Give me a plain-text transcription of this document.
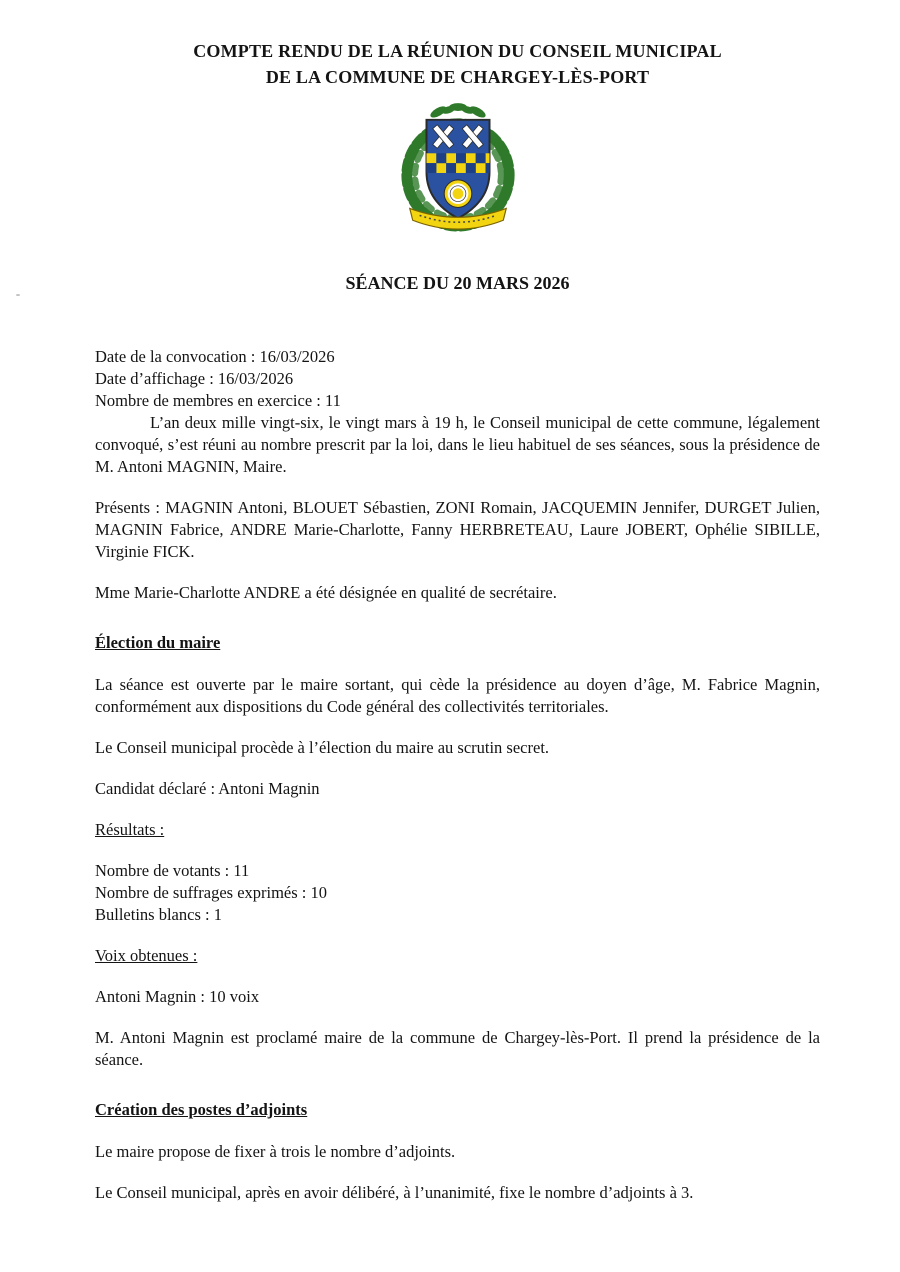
COMPTE RENDU DE LA RÉUNION DU CONSEIL MUNICIPAL
DE LA COMMUNE DE CHARGEY-LÈS-PORT
SÉANCE DU 20 MARS 2026
Date de la convocation : 16/03/2026
Date d’affichage : 16/03/2026
Nombre de membres en exercice : 11

L’an deux mille vingt-six, le vingt mars à 19 h, le Conseil municipal de cette commune, légalement convoqué, s’est réuni au nombre prescrit par la loi, dans le lieu habituel de ses séances, sous la présidence de M. Antoni MAGNIN, Maire.

Présents : MAGNIN Antoni, BLOUET Sébastien, ZONI Romain, JACQUEMIN Jennifer, DURGET Julien, MAGNIN Fabrice, ANDRE Marie-Charlotte, Fanny HERBRETEAU, Laure JOBERT, Ophélie SIBILLE, Virginie FICK.

Mme Marie-Charlotte ANDRE a été désignée en qualité de secrétaire.

Élection du maire

La séance est ouverte par le maire sortant, qui cède la présidence au doyen d’âge, M. Fabrice Magnin, conformément aux dispositions du Code général des collectivités territoriales.

Le Conseil municipal procède à l’élection du maire au scrutin secret.

Candidat déclaré : Antoni Magnin

Résultats :

Nombre de votants : 11
Nombre de suffrages exprimés : 10
Bulletins blancs : 1

Voix obtenues :

Antoni Magnin : 10 voix

M. Antoni Magnin est proclamé maire de la commune de Chargey-lès-Port. Il prend la présidence de la séance.

Création des postes d’adjoints

Le maire propose de fixer à trois le nombre d’adjoints.

Le Conseil municipal, après en avoir délibéré, à l’unanimité, fixe le nombre d’adjoints à 3.
